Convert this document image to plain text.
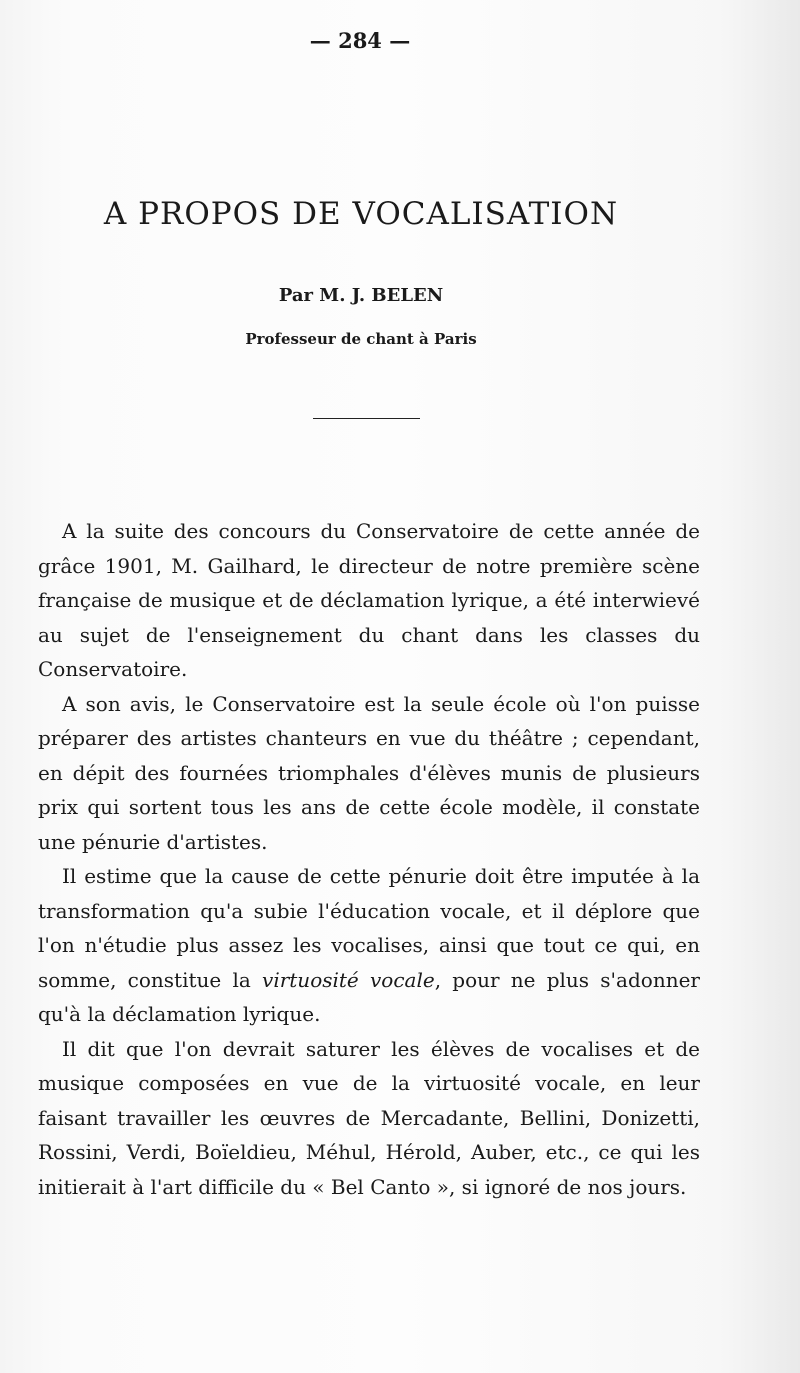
— 284 —
A PROPOS DE VOCALISATION
Par M. J. BELEN
Professeur de chant à Paris

A la suite des concours du Conservatoire de cette année de grâce 1901, M. Gailhard, le directeur de notre première scène française de musique et de déclamation lyrique, a été interwievé au sujet de l'enseignement du chant dans les classes du Conservatoire.

A son avis, le Conservatoire est la seule école où l'on puisse préparer des artistes chanteurs en vue du théâtre ; cependant, en dépit des fournées triomphales d'élèves munis de plusieurs prix qui sortent tous les ans de cette école modèle, il constate une pénurie d'artistes.

Il estime que la cause de cette pénurie doit être imputée à la transformation qu'a subie l'éducation vocale, et il déplore que l'on n'étudie plus assez les vocalises, ainsi que tout ce qui, en somme, constitue la virtuosité vocale, pour ne plus s'adonner qu'à la déclamation lyrique.

Il dit que l'on devrait saturer les élèves de vocalises et de musique composées en vue de la virtuosité vocale, en leur faisant travailler les œuvres de Mercadante, Bellini, Donizetti, Rossini, Verdi, Boïeldieu, Méhul, Hérold, Auber, etc., ce qui les initierait à l'art difficile du « Bel Canto », si ignoré de nos jours.
